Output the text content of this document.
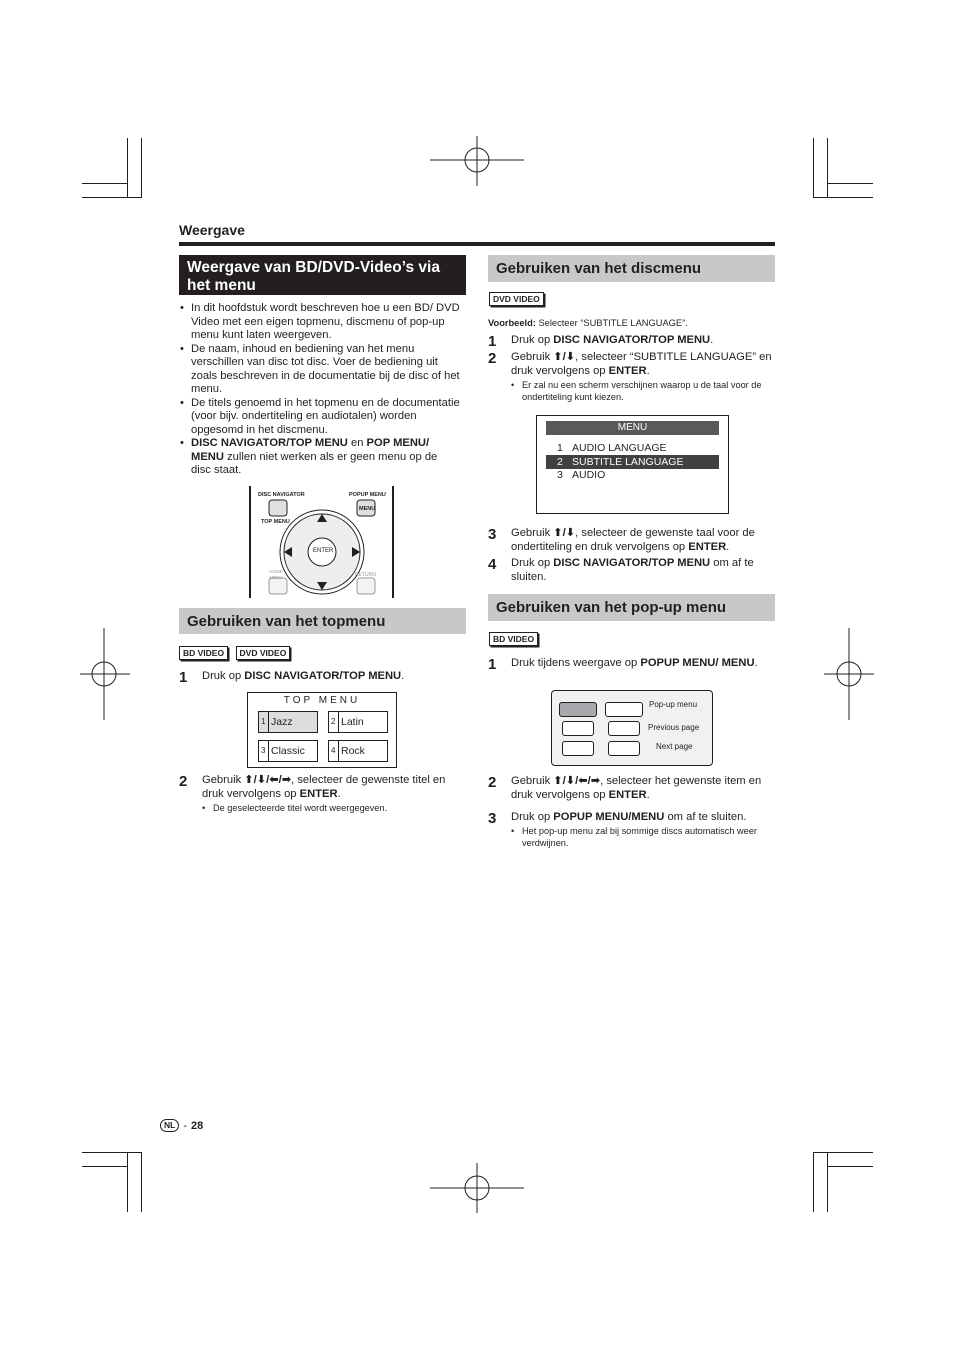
Weergave
Weergave van BD/DVD-Video’s via het menu
• In dit hoofdstuk wordt beschreven hoe u een BD/ DVD Video met een eigen topmenu, discmenu of pop-up menu kunt laten weergeven.
• De naam, inhoud en bediening van het menu verschillen van disc tot disc. Voer de bediening uit zoals beschreven in de documentatie bij de disc of het menu.
• De titels genoemd in het topmenu en de documentatie (voor bijv. ondertiteling en audiotalen) worden opgesomd in het discmenu.
• DISC NAVIGATOR/TOP MENU en POP MENU/ MENU zullen niet werken als er geen menu op de disc staat.
DISC NAVIGATOR
TOP MENU
POPUP MENU
MENU
ENTER
HOME MENU	RETURN
Gebruiken van het topmenu
BD VIDEO DVD VIDEO
1	Druk op DISC NAVIGATOR/TOP MENU.
TOP MENU
1 Jazz	2 Latin
3 Classic	4 Rock
2	Gebruik ⬆/⬇/⬅/➡, selecteer de gewenste titel en druk vervolgens op ENTER.
• De geselecteerde titel wordt weergegeven.
Gebruiken van het discmenu
DVD VIDEO
Voorbeeld: Selecteer “SUBTITLE LANGUAGE”.
1	Druk op DISC NAVIGATOR/TOP MENU.
2	Gebruik ⬆/⬇, selecteer “SUBTITLE LANGUAGE” en druk vervolgens op ENTER.
• Er zal nu een scherm verschijnen waarop u de taal voor de ondertiteling kunt kiezen.
MENU
1 AUDIO LANGUAGE
2 SUBTITLE LANGUAGE
3 AUDIO
3	Gebruik ⬆/⬇, selecteer de gewenste taal voor de ondertiteling en druk vervolgens op ENTER.
4	Druk op DISC NAVIGATOR/TOP MENU om af te sluiten.
Gebruiken van het pop-up menu
BD VIDEO
1	Druk tijdens weergave op POPUP MENU/ MENU.
Pop-up menu
Previous page
Next page
2	Gebruik ⬆/⬇/⬅/➡, selecteer het gewenste item en druk vervolgens op ENTER.
3	Druk op POPUP MENU/MENU om af te sluiten.
• Het pop-up menu zal bij sommige discs automatisch weer verdwijnen.
NL - 28
